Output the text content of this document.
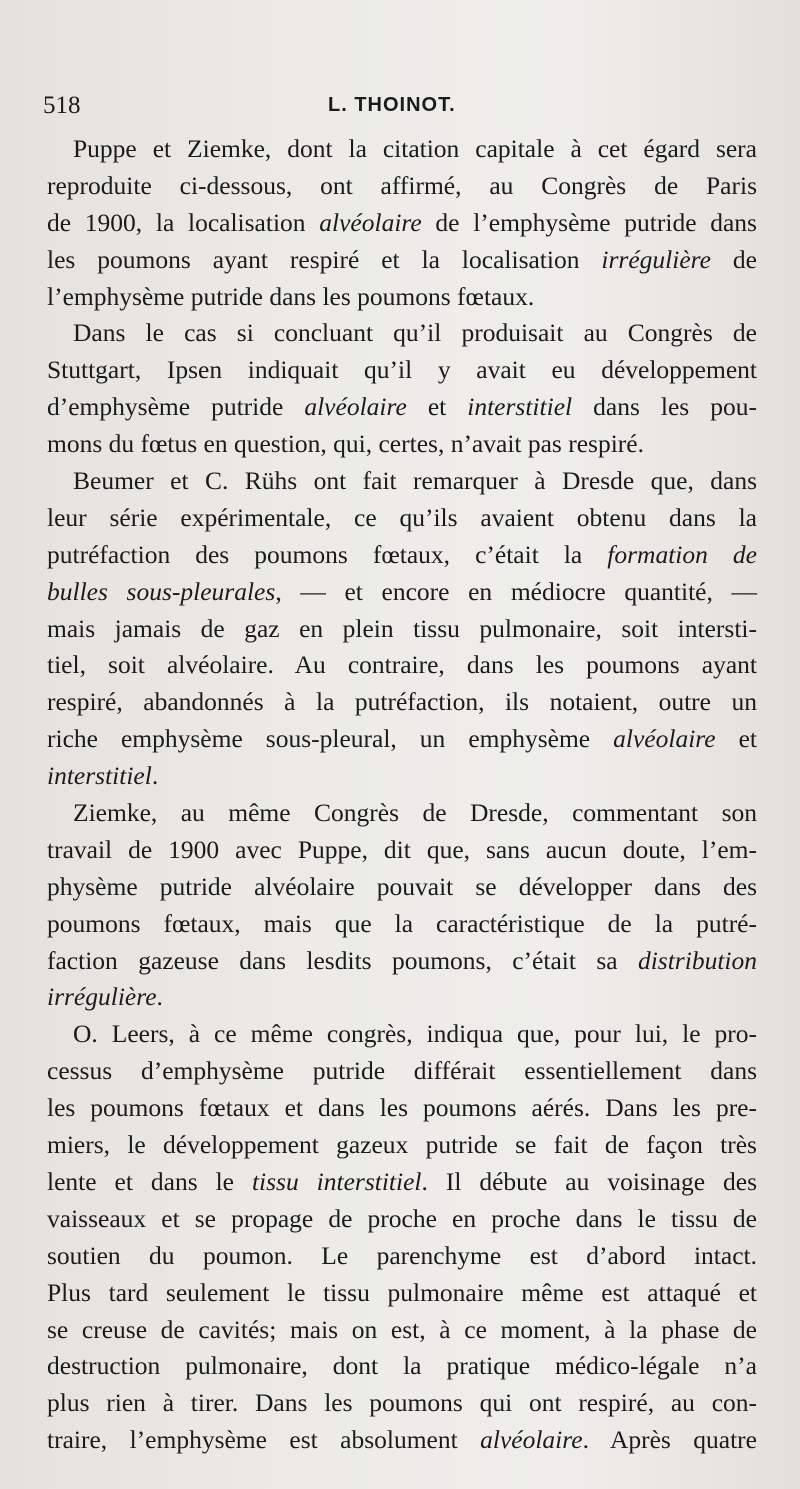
518	L. THOINOT.
Puppe et Ziemke, dont la citation capitale à cet égard sera
reproduite ci-dessous, ont affirmé, au Congrès de Paris
de 1900, la localisation alvéolaire de l’emphysème putride dans
les poumons ayant respiré et la localisation irrégulière de
l’emphysème putride dans les poumons fœtaux.
Dans le cas si concluant qu’il produisait au Congrès de
Stuttgart, Ipsen indiquait qu’il y avait eu développement
d’emphysème putride alvéolaire et interstitiel dans les pou-
mons du fœtus en question, qui, certes, n’avait pas respiré.
Beumer et C. Rühs ont fait remarquer à Dresde que, dans
leur série expérimentale, ce qu’ils avaient obtenu dans la
putréfaction des poumons fœtaux, c’était la formation de
bulles sous-pleurales, — et encore en médiocre quantité, —
mais jamais de gaz en plein tissu pulmonaire, soit intersti-
tiel, soit alvéolaire. Au contraire, dans les poumons ayant
respiré, abandonnés à la putréfaction, ils notaient, outre un
riche emphysème sous-pleural, un emphysème alvéolaire et
interstitiel.
Ziemke, au même Congrès de Dresde, commentant son
travail de 1900 avec Puppe, dit que, sans aucun doute, l’em-
physème putride alvéolaire pouvait se développer dans des
poumons fœtaux, mais que la caractéristique de la putré-
faction gazeuse dans lesdits poumons, c’était sa distribution
irrégulière.
O. Leers, à ce même congrès, indiqua que, pour lui, le pro-
cessus d’emphysème putride différait essentiellement dans
les poumons fœtaux et dans les poumons aérés. Dans les pre-
miers, le développement gazeux putride se fait de façon très
lente et dans le tissu interstitiel. Il débute au voisinage des
vaisseaux et se propage de proche en proche dans le tissu de
soutien du poumon. Le parenchyme est d’abord intact.
Plus tard seulement le tissu pulmonaire même est attaqué et
se creuse de cavités; mais on est, à ce moment, à la phase de
destruction pulmonaire, dont la pratique médico-légale n’a
plus rien à tirer. Dans les poumons qui ont respiré, au con-
traire, l’emphysème est absolument alvéolaire. Après quatre
